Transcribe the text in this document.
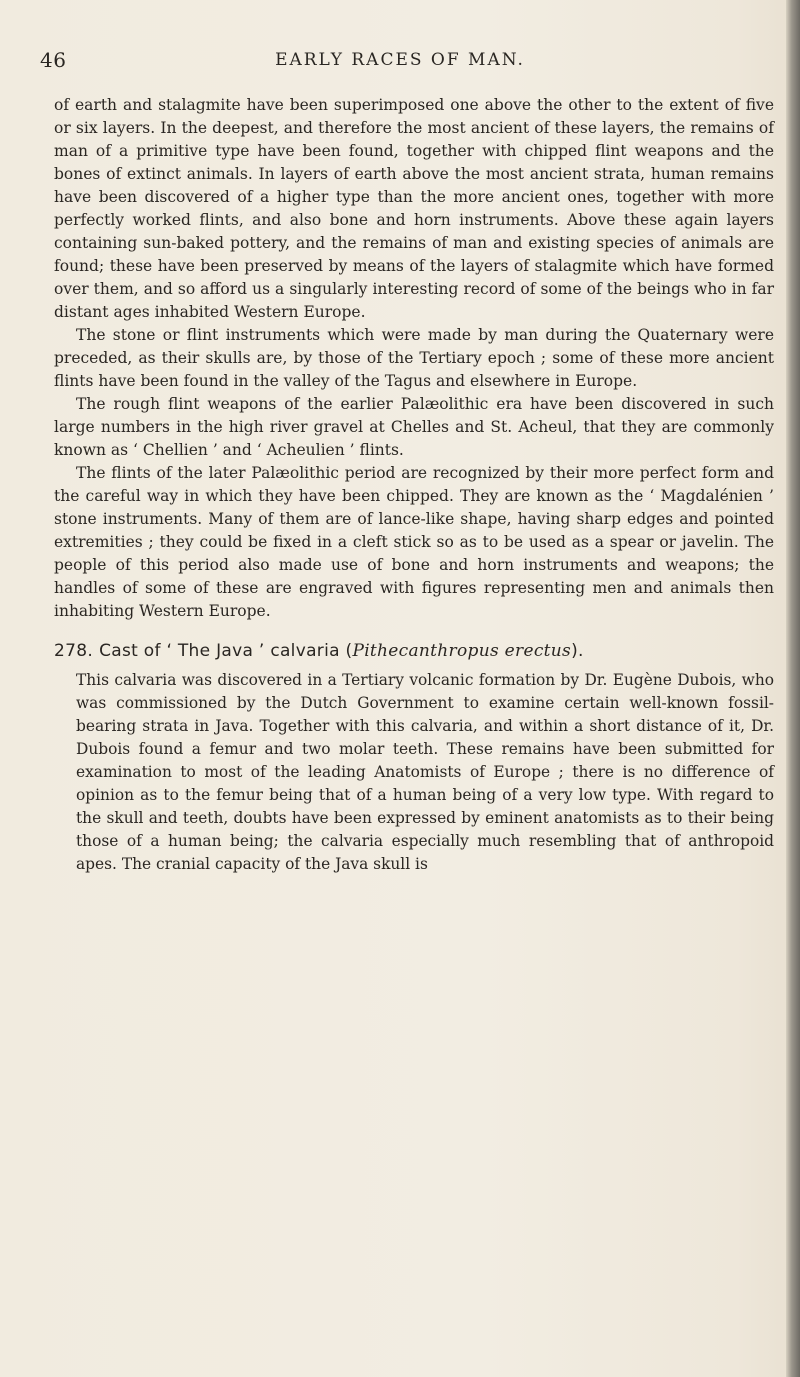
46	EARLY RACES OF MAN.

of earth and stalagmite have been superimposed one above the other to the extent of five or six layers. In the deepest, and therefore the most ancient of these layers, the remains of man of a primitive type have been found, together with chipped flint weapons and the bones of extinct animals. In layers of earth above the most ancient strata, human remains have been discovered of a higher type than the more ancient ones, together with more perfectly worked flints, and also bone and horn instruments. Above these again layers containing sun-baked pottery, and the remains of man and existing species of animals are found; these have been preserved by means of the layers of stalagmite which have formed over them, and so afford us a singularly interesting record of some of the beings who in far distant ages inhabited Western Europe.

The stone or flint instruments which were made by man during the Quaternary were preceded, as their skulls are, by those of the Tertiary epoch ; some of these more ancient flints have been found in the valley of the Tagus and elsewhere in Europe.

The rough flint weapons of the earlier Palæolithic era have been discovered in such large numbers in the high river gravel at Chelles and St. Acheul, that they are commonly known as ‘ Chellien ’ and ‘ Acheulien ’ flints.

The flints of the later Palæolithic period are recognized by their more perfect form and the careful way in which they have been chipped. They are known as the ‘ Magdalénien ’ stone instruments. Many of them are of lance-like shape, having sharp edges and pointed extremities ; they could be fixed in a cleft stick so as to be used as a spear or javelin. The people of this period also made use of bone and horn instruments and weapons; the handles of some of these are engraved with figures representing men and animals then inhabiting Western Europe.

278. Cast of ‘ The Java ’ calvaria (Pithecanthropus erectus).

This calvaria was discovered in a Tertiary volcanic formation by Dr. Eugène Dubois, who was commissioned by the Dutch Government to examine certain well-known fossil-bearing strata in Java. Together with this calvaria, and within a short distance of it, Dr. Dubois found a femur and two molar teeth. These remains have been submitted for examination to most of the leading Anatomists of Europe ; there is no difference of opinion as to the femur being that of a human being of a very low type. With regard to the skull and teeth, doubts have been expressed by eminent anatomists as to their being those of a human being; the calvaria especially much resembling that of anthropoid apes. The cranial capacity of the Java skull is
